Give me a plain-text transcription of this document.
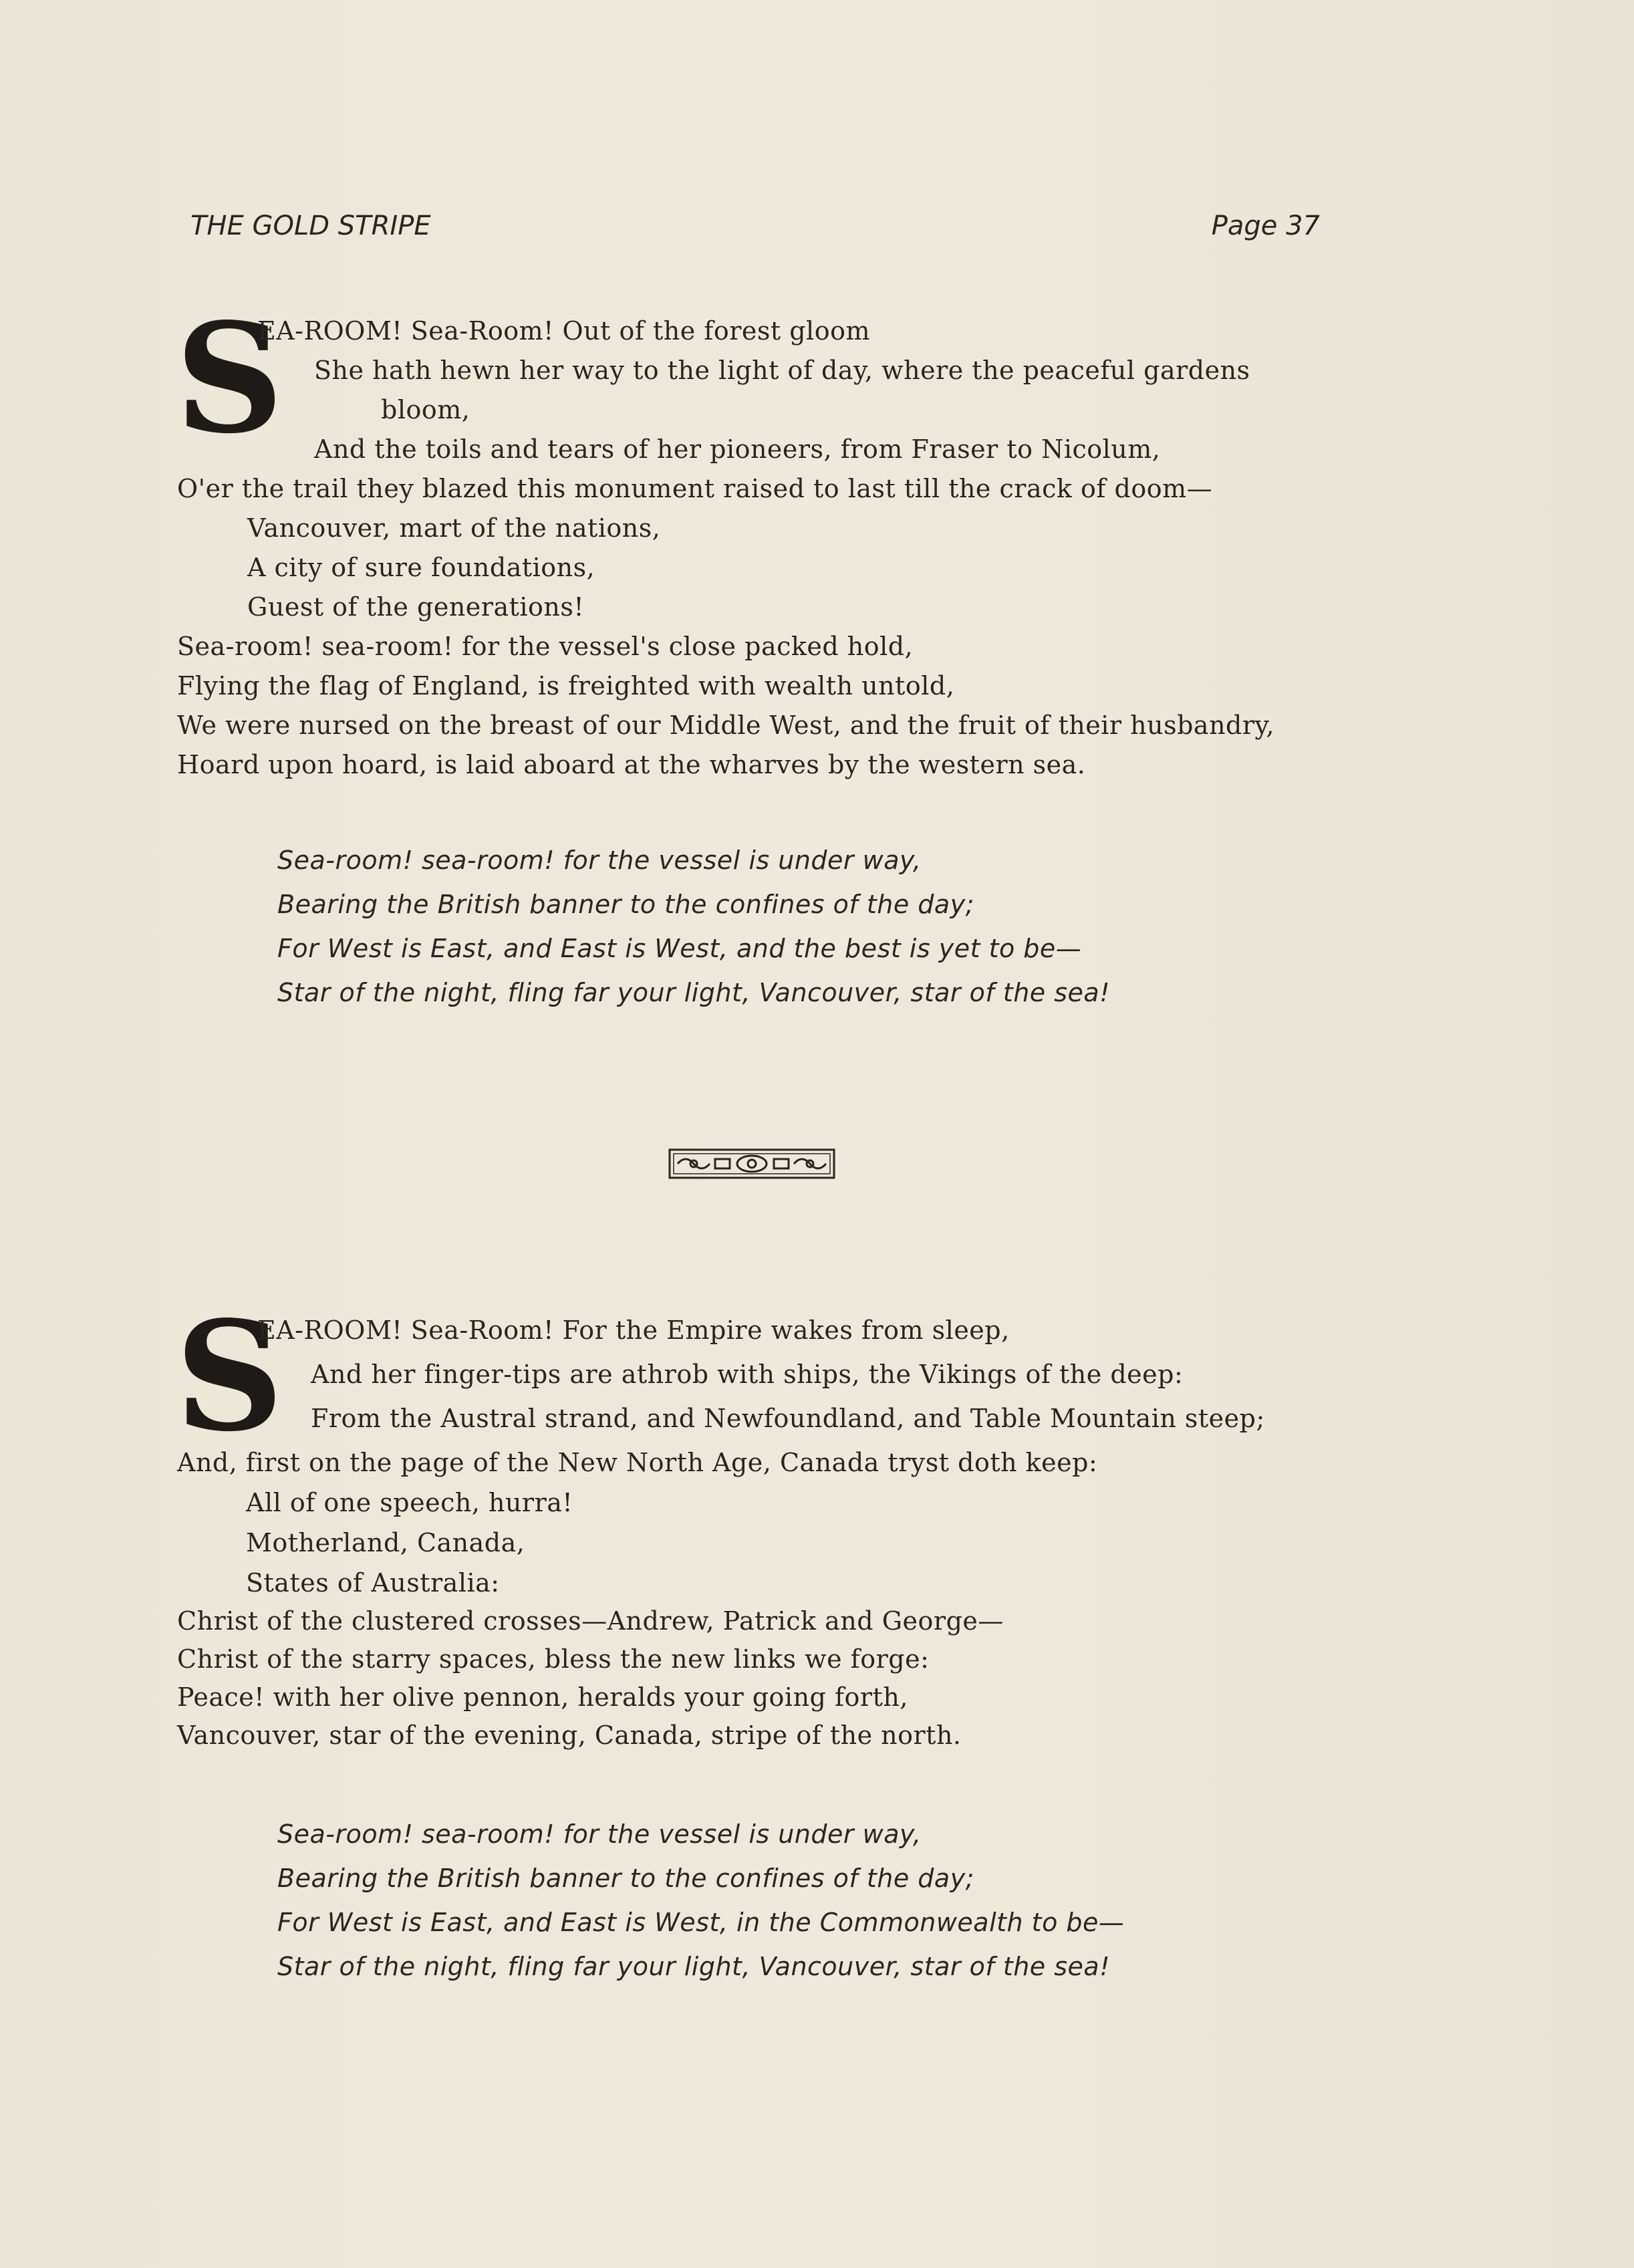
THE GOLD STRIPE	Page 37
S
EA-ROOM! Sea-Room! Out of the forest gloom
She hath hewn her way to the light of day, where the peaceful gardens
bloom,
And the toils and tears of her pioneers, from Fraser to Nicolum,
O'er the trail they blazed this monument raised to last till the crack of doom—
Vancouver, mart of the nations,
A city of sure foundations,
Guest of the generations!
Sea-room! sea-room! for the vessel's close packed hold,
Flying the flag of England, is freighted with wealth untold,
We were nursed on the breast of our Middle West, and the fruit of their husbandry,
Hoard upon hoard, is laid aboard at the wharves by the western sea.
Sea-room! sea-room! for the vessel is under way,
Bearing the British banner to the confines of the day;
For West is East, and East is West, and the best is yet to be—
Star of the night, fling far your light, Vancouver, star of the sea!
S
EA-ROOM! Sea-Room! For the Empire wakes from sleep,
And her finger-tips are athrob with ships, the Vikings of the deep:
From the Austral strand, and Newfoundland, and Table Mountain steep;
And, first on the page of the New North Age, Canada tryst doth keep:
All of one speech, hurra!
Motherland, Canada,
States of Australia:
Christ of the clustered crosses—Andrew, Patrick and George—
Christ of the starry spaces, bless the new links we forge:
Peace! with her olive pennon, heralds your going forth,
Vancouver, star of the evening, Canada, stripe of the north.
Sea-room! sea-room! for the vessel is under way,
Bearing the British banner to the confines of the day;
For West is East, and East is West, in the Commonwealth to be—
Star of the night, fling far your light, Vancouver, star of the sea!
